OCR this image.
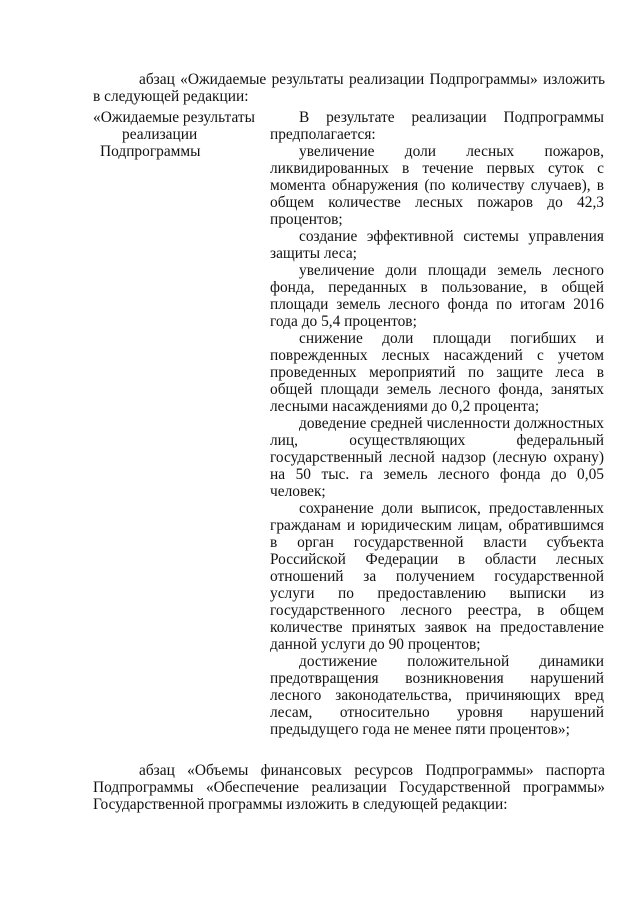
абзац «Ожидаемые результаты реализации Подпрограммы» изложить в следующей редакции:

«Ожидаемые результаты
реализации
Подпрограммы

В результате реализации Подпрограммы предполагается:

увеличение доли лесных пожаров, ликвидированных в течение первых суток с момента обнаружения (по количеству случаев), в общем количестве лесных пожаров до 42,3 процентов;

создание эффективной системы управления защиты леса;

увеличение доли площади земель лесного фонда, переданных в пользование, в общей площади земель лесного фонда по итогам 2016 года до 5,4 процентов;

снижение доли площади погибших и поврежденных лесных насаждений с учетом проведенных мероприятий по защите леса в общей площади земель лесного фонда, занятых лесными насаждениями до 0,2 процента;

доведение средней численности должностных лиц, осуществляющих федеральный государственный лесной надзор (лесную охрану) на 50 тыс. га земель лесного фонда до 0,05 человек;

сохранение доли выписок, предоставленных гражданам и юридическим лицам, обратившимся в орган государственной власти субъекта Российской Федерации в области лесных отношений за получением государственной услуги по предоставлению выписки из государственного лесного реестра, в общем количестве принятых заявок на предоставление данной услуги до 90 процентов;

достижение положительной динамики предотвращения возникновения нарушений лесного законодательства, причиняющих вред лесам, относительно уровня нарушений предыдущего года не менее пяти процентов»;

абзац «Объемы финансовых ресурсов Подпрограммы» паспорта Подпрограммы «Обеспечение реализации Государственной программы» Государственной программы изложить в следующей редакции:
